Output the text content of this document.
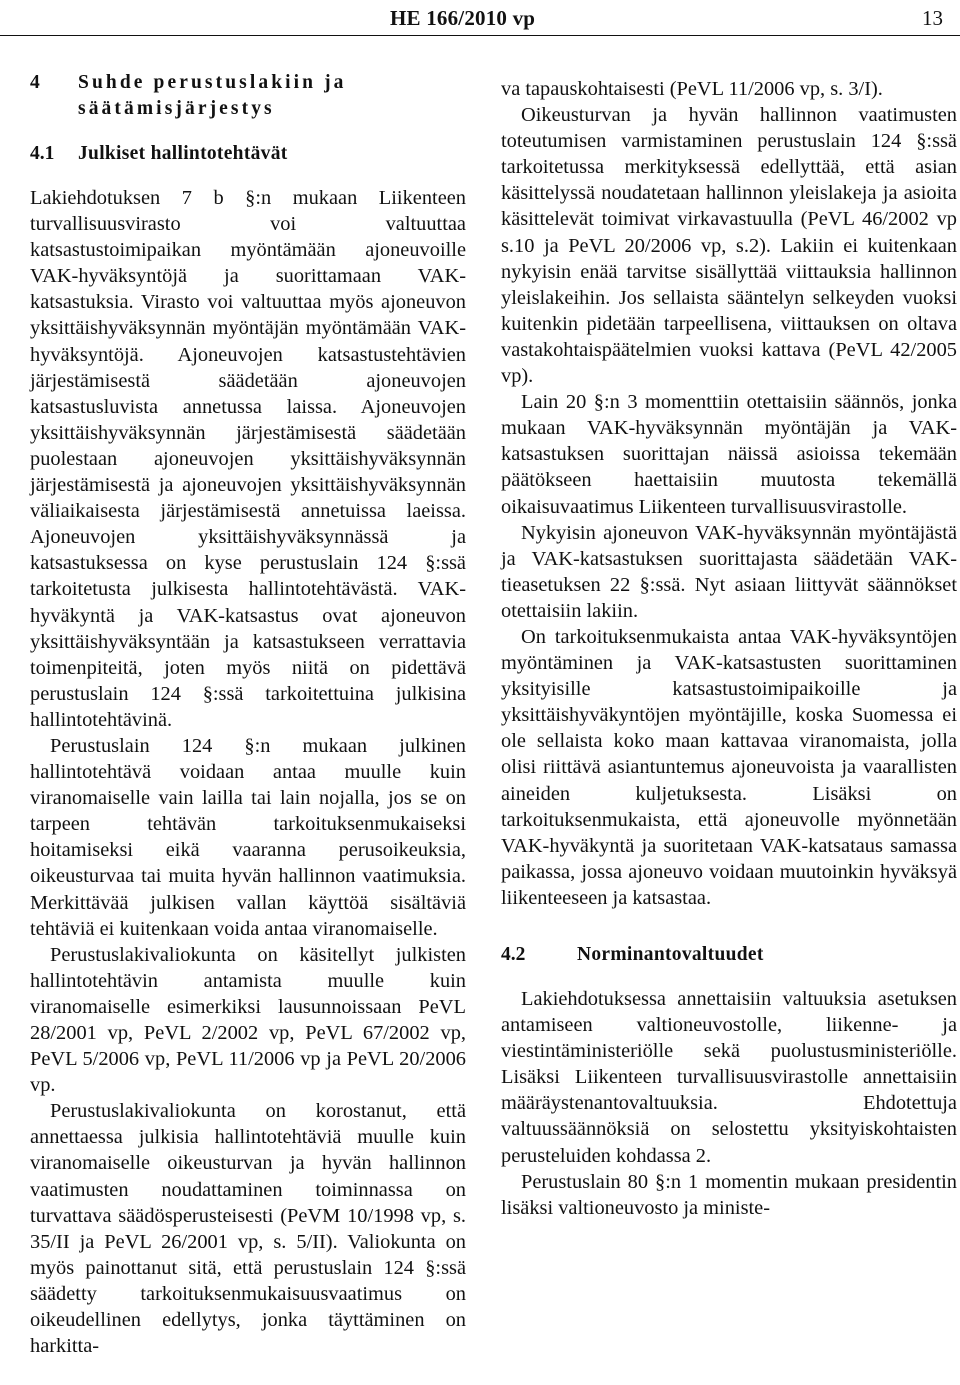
HE 166/2010 vp	13
4	Suhde perustuslakiin ja säätämisjärjestys
4.1	Julkiset hallintotehtävät

Lakiehdotuksen 7 b §:n mukaan Liikenteen turvallisuusvirasto voi valtuuttaa katsastustoimipaikan myöntämään ajoneuvoille VAK-hyväksyntöjä ja suorittamaan VAK-katsastuksia. Virasto voi valtuuttaa myös ajoneuvon yksittäishyväksynnän myöntäjän myöntämään VAK-hyväksyntöjä. Ajoneuvojen katsastustehtävien järjestämisestä säädetään ajoneuvojen katsastusluvista annetussa laissa. Ajoneuvojen yksittäishyväksynnän järjestämisestä säädetään puolestaan ajoneuvojen yksittäishyväksynnän järjestämisestä ja ajoneuvojen yksittäishyväksynnän väliaikaisesta järjestämisestä annetuissa laeissa. Ajoneuvojen yksittäishyväksynnässä ja katsastuksessa on kyse perustuslain 124 §:ssä tarkoitetusta julkisesta hallintotehtävästä. VAK-hyväkyntä ja VAK-katsastus ovat ajoneuvon yksittäishyväksyntään ja katsastukseen verrattavia toimenpiteitä, joten myös niitä on pidettävä perustuslain 124 §:ssä tarkoitettuina julkisina hallintotehtävinä.

Perustuslain 124 §:n mukaan julkinen hallintotehtävä voidaan antaa muulle kuin viranomaiselle vain lailla tai lain nojalla, jos se on tarpeen tehtävän tarkoituksenmukaiseksi hoitamiseksi eikä vaaranna perusoikeuksia, oikeusturvaa tai muita hyvän hallinnon vaatimuksia. Merkittävää julkisen vallan käyttöä sisältäviä tehtäviä ei kuitenkaan voida antaa viranomaiselle.

Perustuslakivaliokunta on käsitellyt julkisten hallintotehtävin antamista muulle kuin viranomaiselle esimerkiksi lausunnoissaan PeVL 28/2001 vp, PeVL 2/2002 vp, PeVL 67/2002 vp, PeVL 5/2006 vp, PeVL 11/2006 vp ja PeVL 20/2006 vp.

Perustuslakivaliokunta on korostanut, että annettaessa julkisia hallintotehtäviä muulle kuin viranomaiselle oikeusturvan ja hyvän hallinnon vaatimusten noudattaminen toiminnassa on turvattava säädösperusteisesti (PeVM 10/1998 vp, s. 35/II ja PeVL 26/2001 vp, s. 5/II). Valiokunta on myös painottanut sitä, että perustuslain 124 §:ssä säädetty tarkoituksenmukaisuusvaatimus on oikeudellinen edellytys, jonka täyttäminen on harkitta-

va tapauskohtaisesti (PeVL 11/2006 vp, s. 3/I).

Oikeusturvan ja hyvän hallinnon vaatimusten toteutumisen varmistaminen perustuslain 124 §:ssä tarkoitetussa merkityksessä edellyttää, että asian käsittelyssä noudatetaan hallinnon yleislakeja ja asioita käsittelevät toimivat virkavastuulla (PeVL 46/2002 vp s.10 ja PeVL 20/2006 vp, s.2). Lakiin ei kuitenkaan nykyisin enää tarvitse sisällyttää viittauksia hallinnon yleislakeihin. Jos sellaista sääntelyn selkeyden vuoksi kuitenkin pidetään tarpeellisena, viittauksen on oltava vastakohtaispäätelmien vuoksi kattava (PeVL 42/2005 vp).

Lain 20 §:n 3 momenttiin otettaisiin säännös, jonka mukaan VAK-hyväksynnän myöntäjän ja VAK-katsastuksen suorittajan näissä asioissa tekemään päätökseen haettaisiin muutosta tekemällä oikaisuvaatimus Liikenteen turvallisuusvirastolle.

Nykyisin ajoneuvon VAK-hyväksynnän myöntäjästä ja VAK-katsastuksen suorittajasta säädetään VAK-tieasetuksen 22 §:ssä. Nyt asiaan liittyvät säännökset otettaisiin lakiin.

On tarkoituksenmukaista antaa VAK-hyväksyntöjen myöntäminen ja VAK-katsastusten suorittaminen yksityisille katsastustoimipaikoille ja yksittäishyväkyntöjen myöntäjille, koska Suomessa ei ole sellaista koko maan kattavaa viranomaista, jolla olisi riittävä asiantuntemus ajoneuvoista ja vaarallisten aineiden kuljetuksesta. Lisäksi on tarkoituksenmukaista, että ajoneuvolle myönnetään VAK-hyväkyntä ja suoritetaan VAK-katsataus samassa paikassa, jossa ajoneuvo voidaan muutoinkin hyväksyä liikenteeseen ja katsastaa.

4.2	Norminantovaltuudet

Lakiehdotuksessa annettaisiin valtuuksia asetuksen antamiseen valtioneuvostolle, liikenne- ja viestintäministeriölle sekä puolustusministeriölle. Lisäksi Liikenteen turvallisuusvirastolle annettaisiin määräystenantovaltuuksia. Ehdotettuja valtuussäännöksiä on selostettu yksityiskohtaisten perusteluiden kohdassa 2.

Perustuslain 80 §:n 1 momentin mukaan presidentin lisäksi valtioneuvosto ja ministe-
